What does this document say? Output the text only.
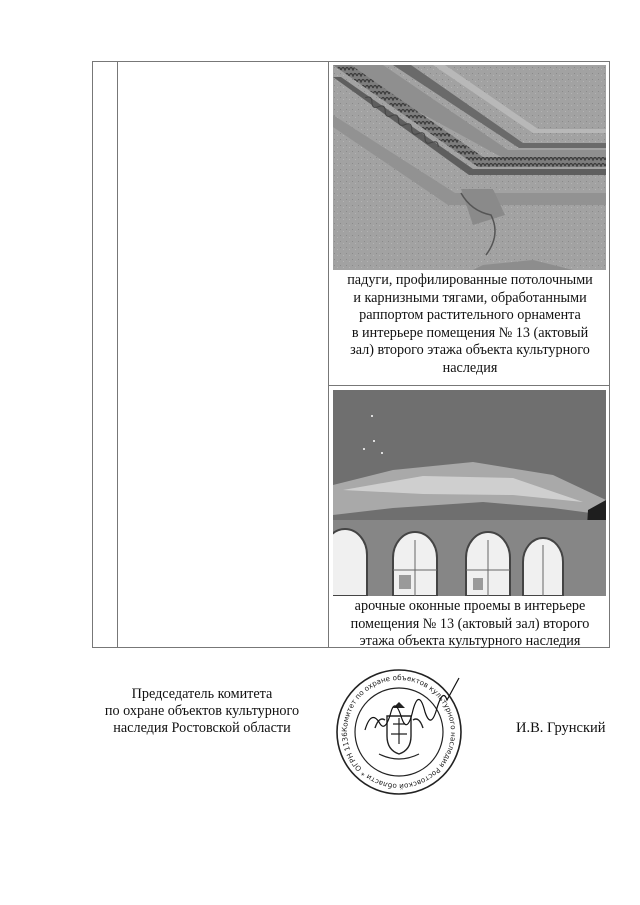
падуги, профилированные потолочными
и карнизными тягами, обработанными
раппортом растительного орнамента
в интерьере помещения № 13 (актовый
зал) второго этажа объекта культурного
наследия
арочные оконные проемы в интерьере
помещения № 13 (актовый зал) второго
этажа объекта культурного наследия
Председатель комитета
по охране объектов культурного
наследия Ростовской области	Комитет по охране объектов культурного наследия Ростовской области * ОГРН 1136	И.В. Грунский
